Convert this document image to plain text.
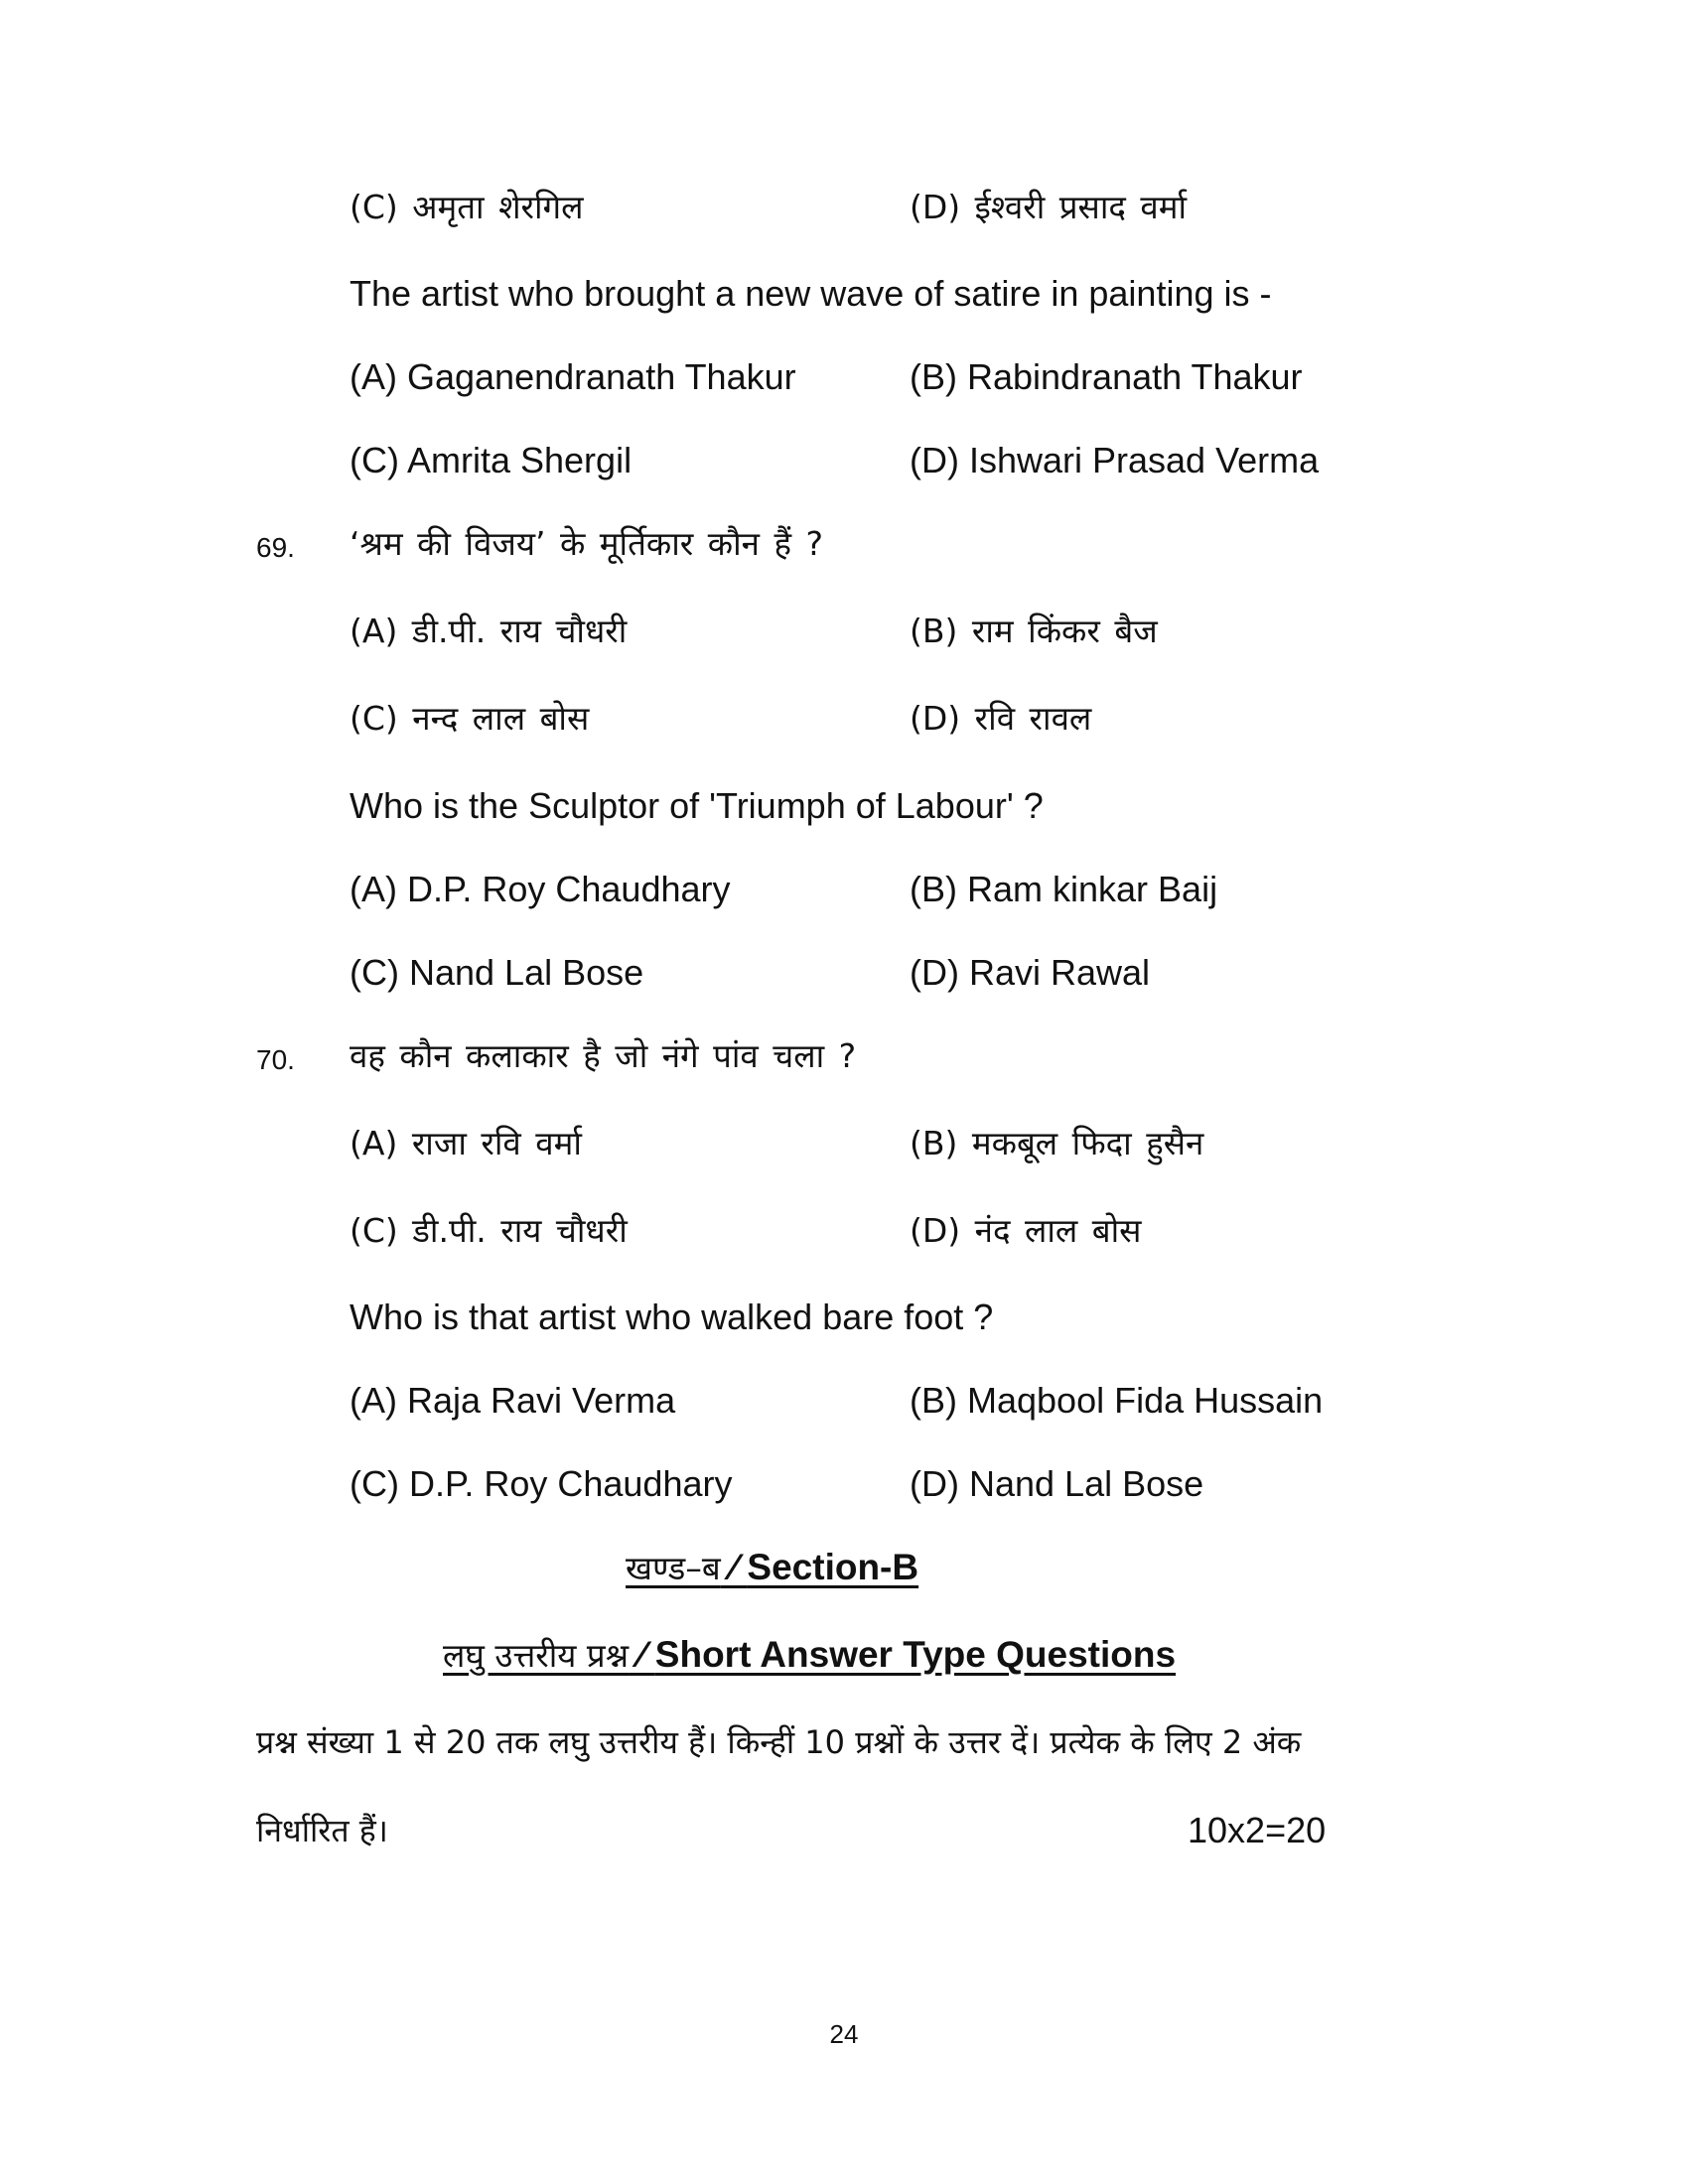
(C) अमृता शेरगिल	(D) ईश्वरी प्रसाद वर्मा
The artist who brought a new wave of satire in painting is -
(A) Gaganendranath Thakur	(B) Rabindranath Thakur
(C) Amrita Shergil	(D) Ishwari Prasad Verma
69. ‘श्रम की विजय’ के मूर्तिकार कौन हैं ?
(A) डी.पी. राय चौधरी	(B) राम किंकर बैज
(C) नन्द लाल बोस	(D) रवि रावल
Who is the Sculptor of 'Triumph of Labour' ?
(A) D.P. Roy Chaudhary	(B) Ram kinkar Baij
(C) Nand Lal Bose	(D) Ravi Rawal
70. वह कौन कलाकार है जो नंगे पांव चला ?
(A) राजा रवि वर्मा	(B) मकबूल फिदा हुसैन
(C) डी.पी. राय चौधरी	(D) नंद लाल बोस
Who is that artist who walked bare foot ?
(A) Raja Ravi Verma	(B) Maqbool Fida Hussain
(C) D.P. Roy Chaudhary	(D) Nand Lal Bose
खण्ड–ब ⁄ Section-B
लघु उत्तरीय प्रश्न ⁄ Short Answer Type Questions
प्रश्न संख्या 1 से 20 तक लघु उत्तरीय हैं। किन्हीं 10 प्रश्नों के उत्तर दें। प्रत्येक के लिए 2 अंक
निर्धारित हैं।	10x2=20
24
